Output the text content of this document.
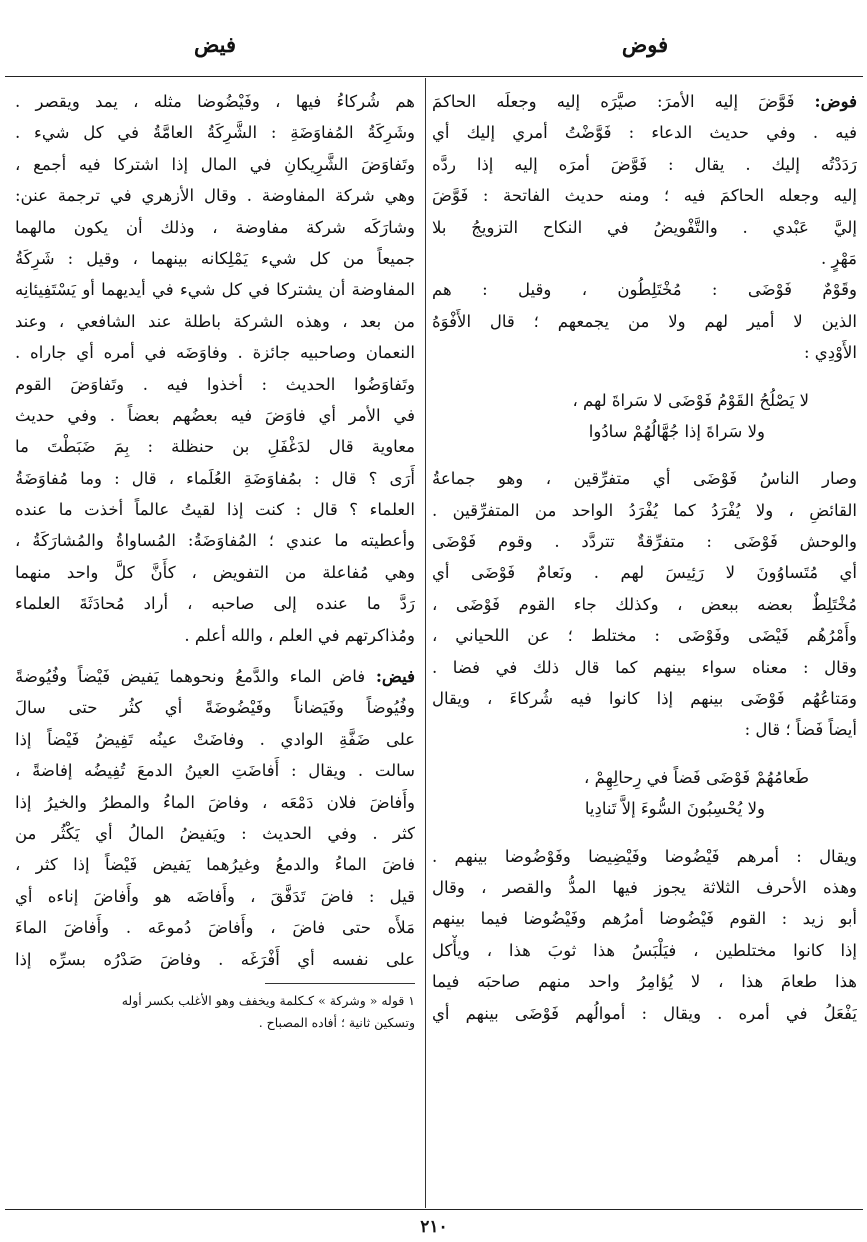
فوض
فيض
فوض: فَوَّضَ إليه الأمرَ: صيَّرَه إليه وجعلَه الحاكمَ
فيه . وفي حديث الدعاء : فَوَّضْتُ أمري إليك أي
رَدَدْتُه إليك . يقال : فَوَّضَ أمرَه إليه إذا ردَّه
إليه وجعله الحاكمَ فيه ؛ ومنه حديث الفاتحة : فَوَّضَ
إليَّ عَبْدي . والتَّفْويضُ في النكاح التزويجُ بلا
مَهْرٍ .
وقَوْمٌ فَوْضَى : مُخْتَلِطُون ، وقيل : هم
الذين لا أمير لهم ولا من يجمعهم ؛ قال الأَفْوَهُ
الأَوْدِي :
لا يَصْلُحُ القَوْمُ فَوْضَى لا سَراةَ لهم ،
ولا سَراةَ إذا جُهَّالُهُمْ سادُوا
وصار الناسُ فَوْضَى أي متفرِّقين ، وهو جماعةُ
القائضِ ، ولا يُفْرَدُ كما يُفْرَدُ الواحد من المتفرِّقين .
والوحش فَوْضَى : متفرِّقةٌ تتردَّد . وقوم فَوْضَى
أي مُتَساوُونَ لا رَئِيسَ لهم . ونَعامٌ فَوْضَى أي
مُخْتَلِطٌ بعضه ببعض ، وكذلك جاء القوم فَوْضَى ،
وأَمْرُهُم فَيْضَى وفَوْضَى : مختلط ؛ عن اللحياني ،
وقال : معناه سواء بينهم كما قال ذلك في فضا .
ومَتاعُهُم فَوْضَى بينهم إذا كانوا فيه شُركاءَ ، ويقال
أيضاً فَضاً ؛ قال :
طَعامُهُمْ فَوْضَى فَضاً في رِحالِهِمْ ،
ولا يُحْسِبُونَ السُّوءَ إلاَّ تَنادِيا
ويقال : أمرهم فَيْضُوضا وفَيْضِيضا وفَوْضُوضا بينهم .
وهذه الأحرف الثلاثة يجوز فيها المدُّ والقصر ، وقال
أبو زيد : القوم فَيْضُوضا أمرُهم وفَيْضُوضا فيما بينهم
إذا كانوا مختلطين ، فيَلْبَسُ هذا ثوبَ هذا ، ويأْكل
هذا طعامَ هذا ، لا يُؤامِرُ واحد منهم صاحبَه فيما
يَفْعَلُ في أمره . ويقال : أموالُهم فَوْضَى بينهم أي
هم شُركاءُ فيها ، وفَيْضُوضا مثله ، يمد ويقصر .
وشَرِكَةُ المُفاوَضَةِ : الشَّرِكَةُ العامَّةُ في كل شيء .
وتَفاوَضَ الشَّرِيكانِ في المال إذا اشتركا فيه أجمع ،
وهي شركة المفاوضة . وقال الأزهري في ترجمة عنن:
وشارَكَه شركة مفاوضة ، وذلك أن يكون مالهما
جميعاً من كل شيء يَمْلِكانه بينهما ، وقيل : شَرِكَةُ
المفاوضة أن يشتركا في كل شيء في أيديهما أو يَسْتَفِيئانِه
من بعد ، وهذه الشركة باطلة عند الشافعي ، وعند
النعمان وصاحبيه جائزة . وفاوَضَه في أمره أي جاراه .
وتَفاوَضُوا الحديث : أخذوا فيه . وتَفاوَضَ القوم
في الأمر أي فاوَضَ فيه بعضُهم بعضاً . وفي حديث
معاوية قال لدَغْفَلِ بن حنظلة : بِمَ ضَبَطْتَ ما
أَرَى ؟ قال : بمُفاوَضَةِ العُلَماء ، قال : وما مُفاوَضَةُ
العلماء ؟ قال : كنت إذا لقيتُ عالماً أخذت ما عنده
وأعطيته ما عندي ؛ المُفاوَضَةُ: المُساواةُ والمُشارَكَةُ ،
وهي مُفاعلة من التفويض ، كأَنَّ كلَّ واحد منهما
رَدَّ ما عنده إلى صاحبه ، أراد مُحادَثَةَ العلماء
ومُذاكرتهم في العلم ، والله أعلم .
فيض: فاض الماء والدَّمعُ ونحوهما يَفيض فَيْضاً وفُيُوضةً
وفُيُوضاً وفَيَضاناً وفَيْضُوضَةً أي كثُر حتى سالَ
على ضَفَّةِ الوادي . وفاضَتْ عينُه تَفِيضُ فَيْضاً إذا
سالت . ويقال : أَفاضَتِ العينُ الدمعَ تُفِيضُه إفاضةً ،
وأَفاضَ فلان دَمْعَه ، وفاضَ الماءُ والمطرُ والخيرُ إذا
كثر . وفي الحديث : ويَفيضُ المالُ أي يَكْثُر من
فاضَ الماءُ والدمعُ وغيرُهما يَفيض فَيْضاً إذا كثر ،
قيل : فاضَ تَدَفَّقَ ، وأَفاضَه هو وأَفاضَ إناءه أي
مَلأَه حتى فاضَ ، وأَفاضَ دُموعَه . وأَفاضَ الماءَ
على نفسه أي أَفْرَغَه . وفاضَ صَدْرُه بسرِّه إذا
١ قوله « وشركة » كـكلمة ويخفف وهو الأغلب بكسر أوله
وتسكين ثانية ؛ أفاده المصباح .
٢١٠
